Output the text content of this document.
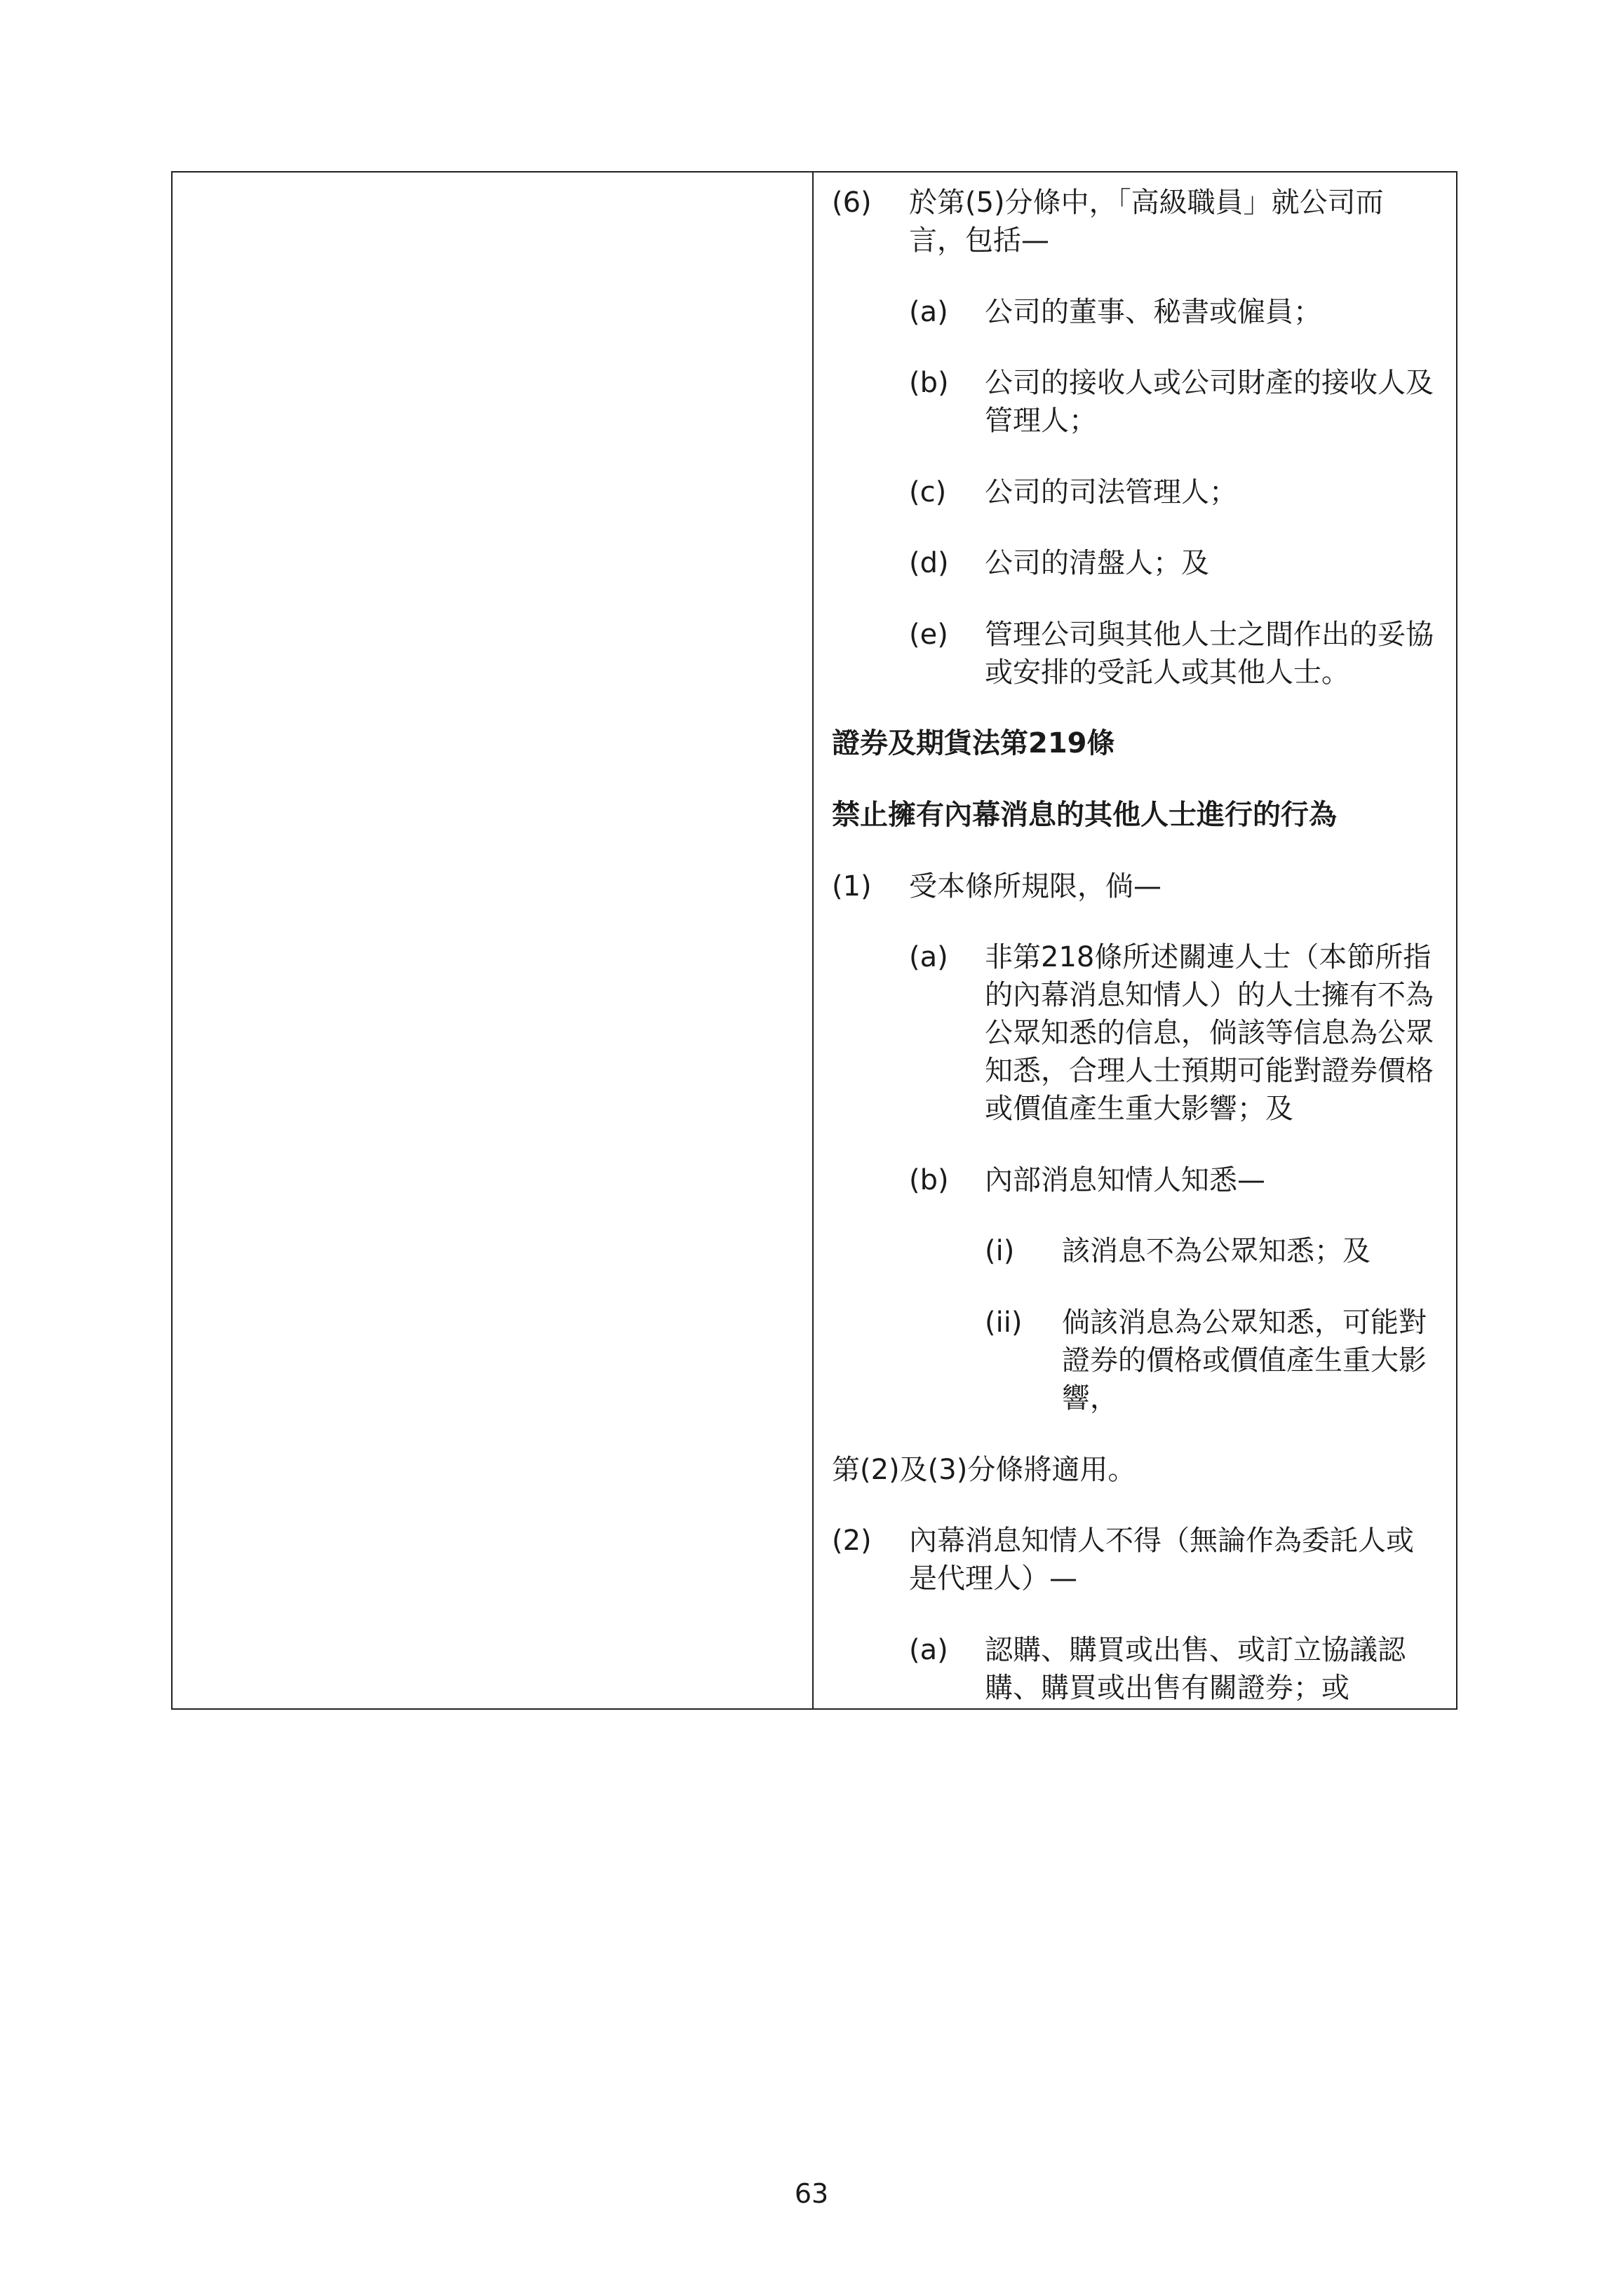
(6)	於第(5)分條中，「高級職員」就公司而言，包括—
(a)	公司的董事、秘書或僱員；
(b)	公司的接收人或公司財產的接收人及管理人；
(c)	公司的司法管理人；
(d)	公司的清盤人；及
(e)	管理公司與其他人士之間作出的妥協或安排的受託人或其他人士。
證券及期貨法第219條
禁止擁有內幕消息的其他人士進行的行為
(1)	受本條所規限，倘—
(a)	非第218條所述關連人士（本節所指的內幕消息知情人）的人士擁有不為公眾知悉的信息，倘該等信息為公眾知悉，合理人士預期可能對證券價格或價值產生重大影響；及
(b)	內部消息知情人知悉—
(i)	該消息不為公眾知悉；及
(ii)	倘該消息為公眾知悉，可能對證券的價格或價值產生重大影響，
第(2)及(3)分條將適用。
(2)	內幕消息知情人不得（無論作為委託人或是代理人）—
(a)	認購、購買或出售、或訂立協議認購、購買或出售有關證券；或
63
